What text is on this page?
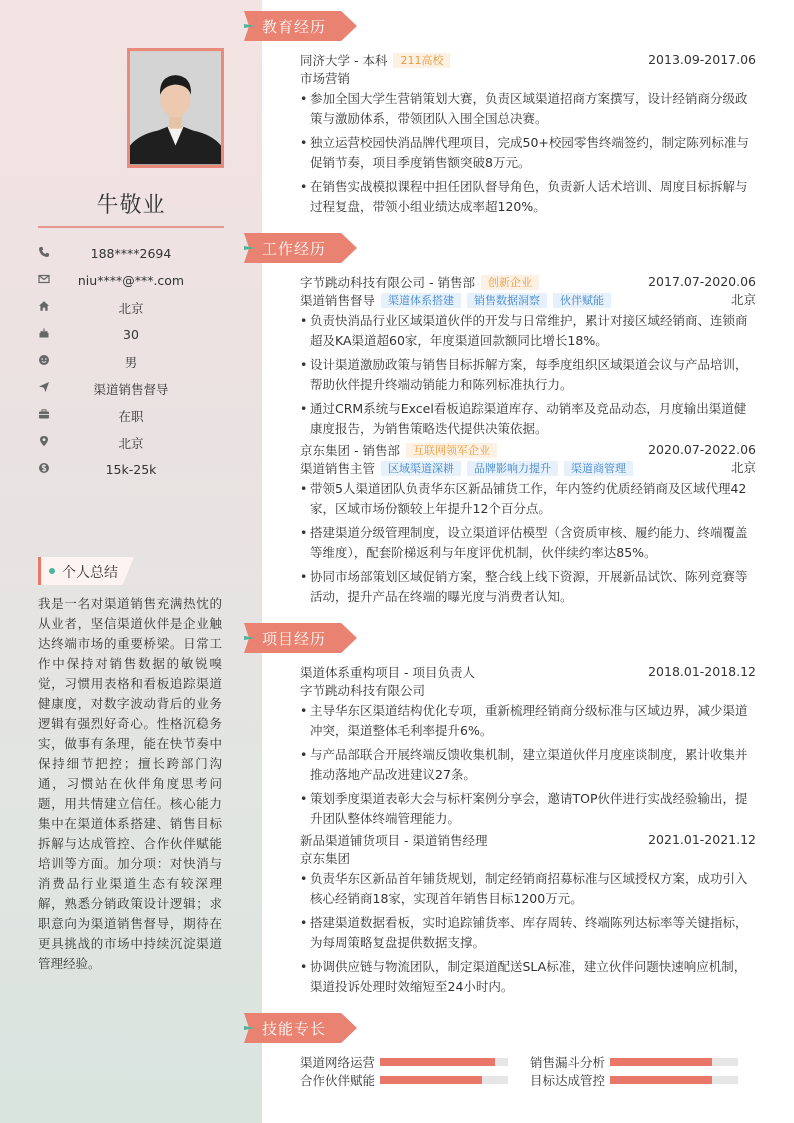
牛敬业
188****2694
niu****@***.com
北京
30
男
渠道销售督导
在职
北京
15k-25k
个人总结
我是一名对渠道销售充满热忱的从业者，坚信渠道伙伴是企业触达终端市场的重要桥梁。日常工作中保持对销售数据的敏锐嗅觉，习惯用表格和看板追踪渠道健康度，对数字波动背后的业务逻辑有强烈好奇心。性格沉稳务实，做事有条理，能在快节奏中保持细节把控；擅长跨部门沟通，习惯站在伙伴角度思考问题，用共情建立信任。核心能力集中在渠道体系搭建、销售目标拆解与达成管控、合作伙伴赋能培训等方面。加分项：对快消与消费品行业渠道生态有较深理解，熟悉分销政策设计逻辑；求职意向为渠道销售督导，期待在更具挑战的市场中持续沉淀渠道管理经验。
教育经历
同济大学 - 本科	211高校	2013.09-2017.06
市场营销
• 参加全国大学生营销策划大赛，负责区域渠道招商方案撰写，设计经销商分级政策与激励体系，带领团队入围全国总决赛。
• 独立运营校园快消品牌代理项目，完成50+校园零售终端签约，制定陈列标准与促销节奏，项目季度销售额突破8万元。
• 在销售实战模拟课程中担任团队督导角色，负责新人话术培训、周度目标拆解与过程复盘，带领小组业绩达成率超120%。
工作经历
字节跳动科技有限公司 - 销售部	创新企业	2017.07-2020.06
渠道销售督导	渠道体系搭建	销售数据洞察	伙伴赋能	北京
• 负责快消品行业区域渠道伙伴的开发与日常维护，累计对接区域经销商、连锁商超及KA渠道超60家，年度渠道回款额同比增长18%。
• 设计渠道激励政策与销售目标拆解方案，每季度组织区域渠道会议与产品培训，帮助伙伴提升终端动销能力和陈列标准执行力。
• 通过CRM系统与Excel看板追踪渠道库存、动销率及竞品动态，月度输出渠道健康度报告，为销售策略迭代提供决策依据。
京东集团 - 销售部	互联网领军企业	2020.07-2022.06
渠道销售主管	区域渠道深耕	品牌影响力提升	渠道商管理	北京
• 带领5人渠道团队负责华东区新品铺货工作，年内签约优质经销商及区域代理42家，区域市场份额较上年提升12个百分点。
• 搭建渠道分级管理制度，设立渠道评估模型（含资质审核、履约能力、终端覆盖等维度），配套阶梯返利与年度评优机制，伙伴续约率达85%。
• 协同市场部策划区域促销方案，整合线上线下资源，开展新品试饮、陈列竞赛等活动，提升产品在终端的曝光度与消费者认知。
项目经历
渠道体系重构项目 - 项目负责人	2018.01-2018.12
字节跳动科技有限公司
• 主导华东区渠道结构优化专项，重新梳理经销商分级标准与区域边界，减少渠道冲突，渠道整体毛利率提升6%。
• 与产品部联合开展终端反馈收集机制，建立渠道伙伴月度座谈制度，累计收集并推动落地产品改进建议27条。
• 策划季度渠道表彰大会与标杆案例分享会，邀请TOP伙伴进行实战经验输出，提升团队整体终端管理能力。
新品渠道铺货项目 - 渠道销售经理	2021.01-2021.12
京东集团
• 负责华东区新品首年铺货规划，制定经销商招募标准与区域授权方案，成功引入核心经销商18家，实现首年销售目标1200万元。
• 搭建渠道数据看板，实时追踪铺货率、库存周转、终端陈列达标率等关键指标，为每周策略复盘提供数据支撑。
• 协调供应链与物流团队，制定渠道配送SLA标准，建立伙伴问题快速响应机制，渠道投诉处理时效缩短至24小时内。
技能专长
渠道网络运营	销售漏斗分析
合作伙伴赋能	目标达成管控
